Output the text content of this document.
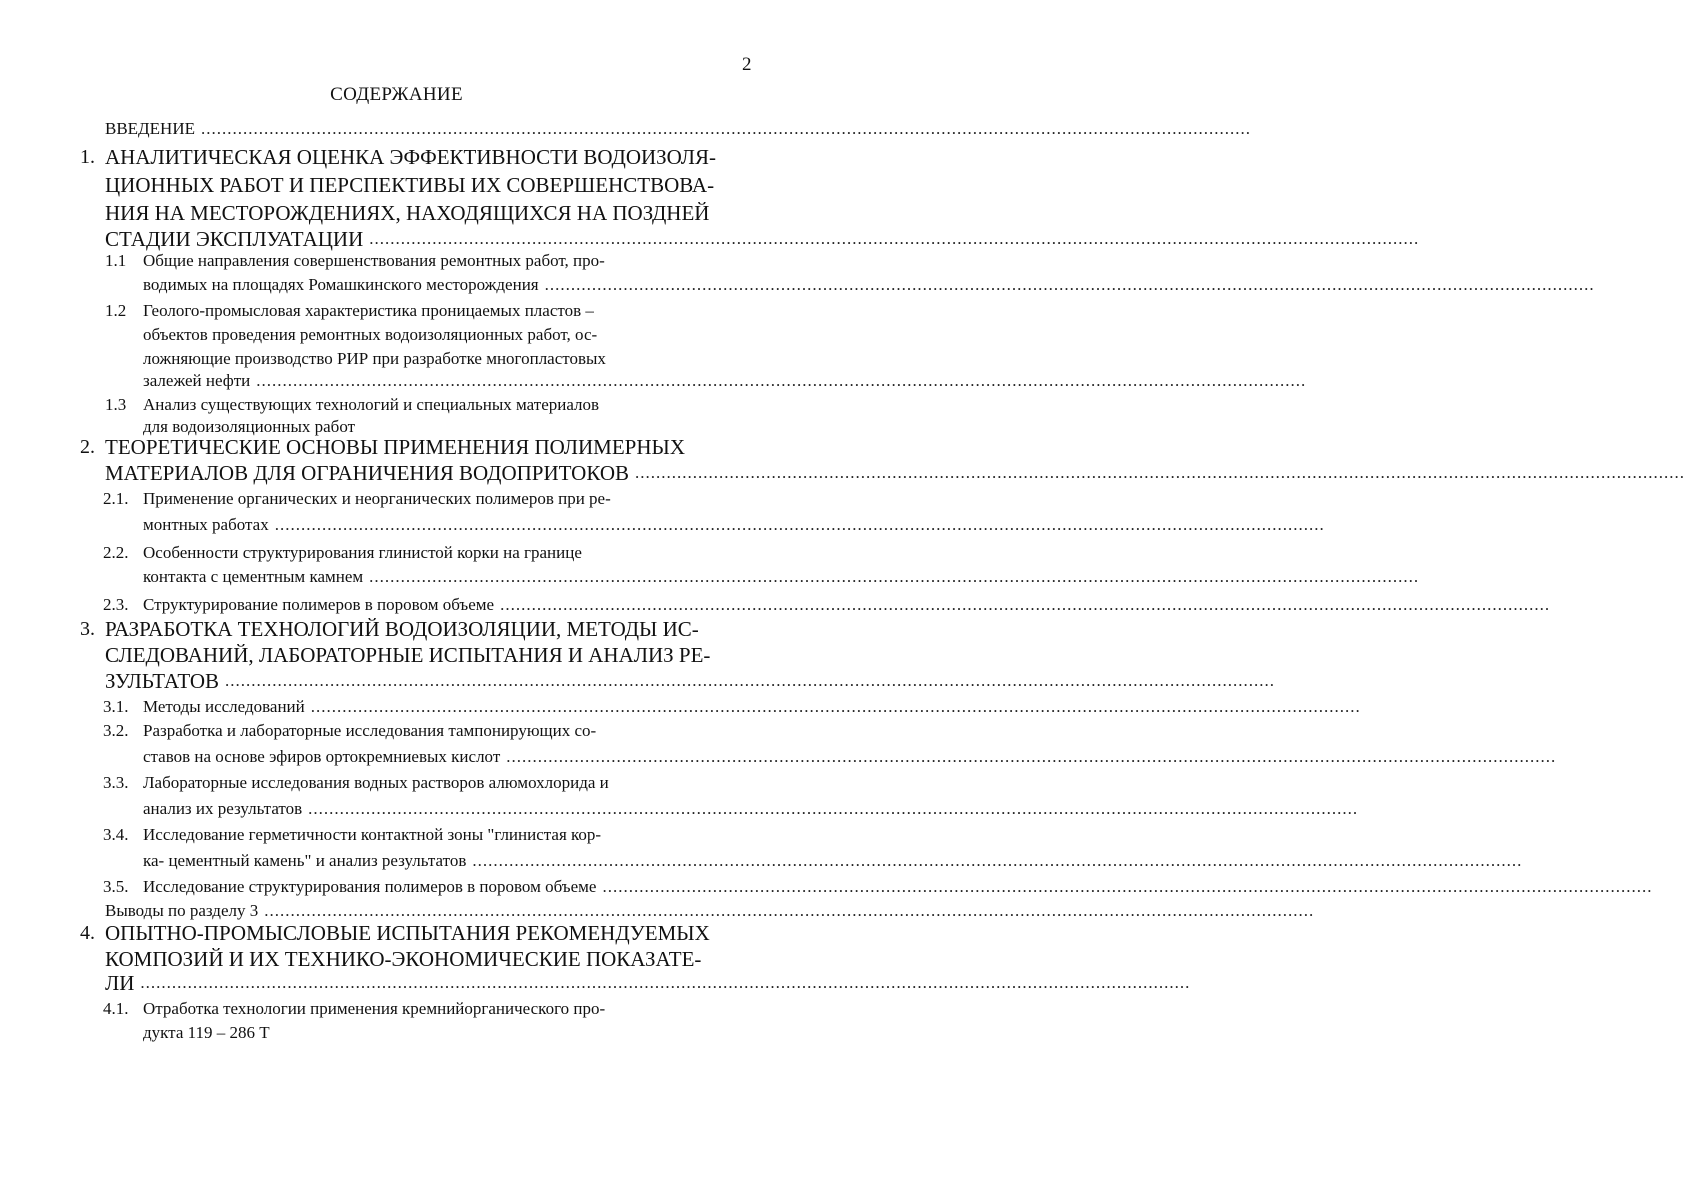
2
СОДЕРЖАНИЕ
ВВЕДЕНИЕ ........................................................................................................................................................................................................
1. АНАЛИТИЧЕСКАЯ ОЦЕНКА ЭФФЕКТИВНОСТИ ВОДОИЗОЛЯ-
ЦИОННЫХ РАБОТ И ПЕРСПЕКТИВЫ ИХ СОВЕРШЕНСТВОВА-
НИЯ НА МЕСТОРОЖДЕНИЯХ, НАХОДЯЩИХСЯ НА ПОЗДНЕЙ
СТАДИИ ЭКСПЛУАТАЦИИ ........................................................................................................................................................................................................
1.1 Общие направления совершенствования ремонтных работ, про-
водимых на площадях Ромашкинского месторождения ........................................................................................................................................................................................................
1.2 Геолого-промысловая характеристика проницаемых пластов –
объектов проведения ремонтных водоизоляционных работ, ос-
ложняющие производство РИР при разработке многопластовых
залежей нефти ........................................................................................................................................................................................................
1.3 Анализ существующих технологий и специальных материалов
для водоизоляционных работ
2. ТЕОРЕТИЧЕСКИЕ ОСНОВЫ ПРИМЕНЕНИЯ ПОЛИМЕРНЫХ
МАТЕРИАЛОВ ДЛЯ ОГРАНИЧЕНИЯ ВОДОПРИТОКОВ ........................................................................................................................................................................................................
2.1. Применение органических и неорганических полимеров при ре-
монтных работах ........................................................................................................................................................................................................
2.2. Особенности структурирования глинистой корки на границе
контакта с цементным камнем ........................................................................................................................................................................................................
2.3. Структурирование полимеров в поровом объеме ........................................................................................................................................................................................................
3. РАЗРАБОТКА ТЕХНОЛОГИЙ ВОДОИЗОЛЯЦИИ, МЕТОДЫ ИС-
СЛЕДОВАНИЙ, ЛАБОРАТОРНЫЕ ИСПЫТАНИЯ И АНАЛИЗ РЕ-
ЗУЛЬТАТОВ ........................................................................................................................................................................................................
3.1. Методы исследований ........................................................................................................................................................................................................
3.2. Разработка и лабораторные исследования тампонирующих со-
ставов на основе эфиров ортокремниевых кислот ........................................................................................................................................................................................................
3.3. Лабораторные исследования водных растворов алюмохлорида и
анализ их результатов ........................................................................................................................................................................................................
3.4. Исследование герметичности контактной зоны "глинистая кор-
ка- цементный камень" и анализ результатов ........................................................................................................................................................................................................
3.5. Исследование структурирования полимеров в поровом объеме ........................................................................................................................................................................................................
Выводы по разделу 3 ........................................................................................................................................................................................................
4. ОПЫТНО-ПРОМЫСЛОВЫЕ ИСПЫТАНИЯ РЕКОМЕНДУЕМЫХ
КОМПОЗИЙ И ИХ ТЕХНИКО-ЭКОНОМИЧЕСКИЕ ПОКАЗАТЕ-
ЛИ ........................................................................................................................................................................................................
4.1. Отработка технологии применения кремнийорганического про-
дукта 119 – 286 Т
